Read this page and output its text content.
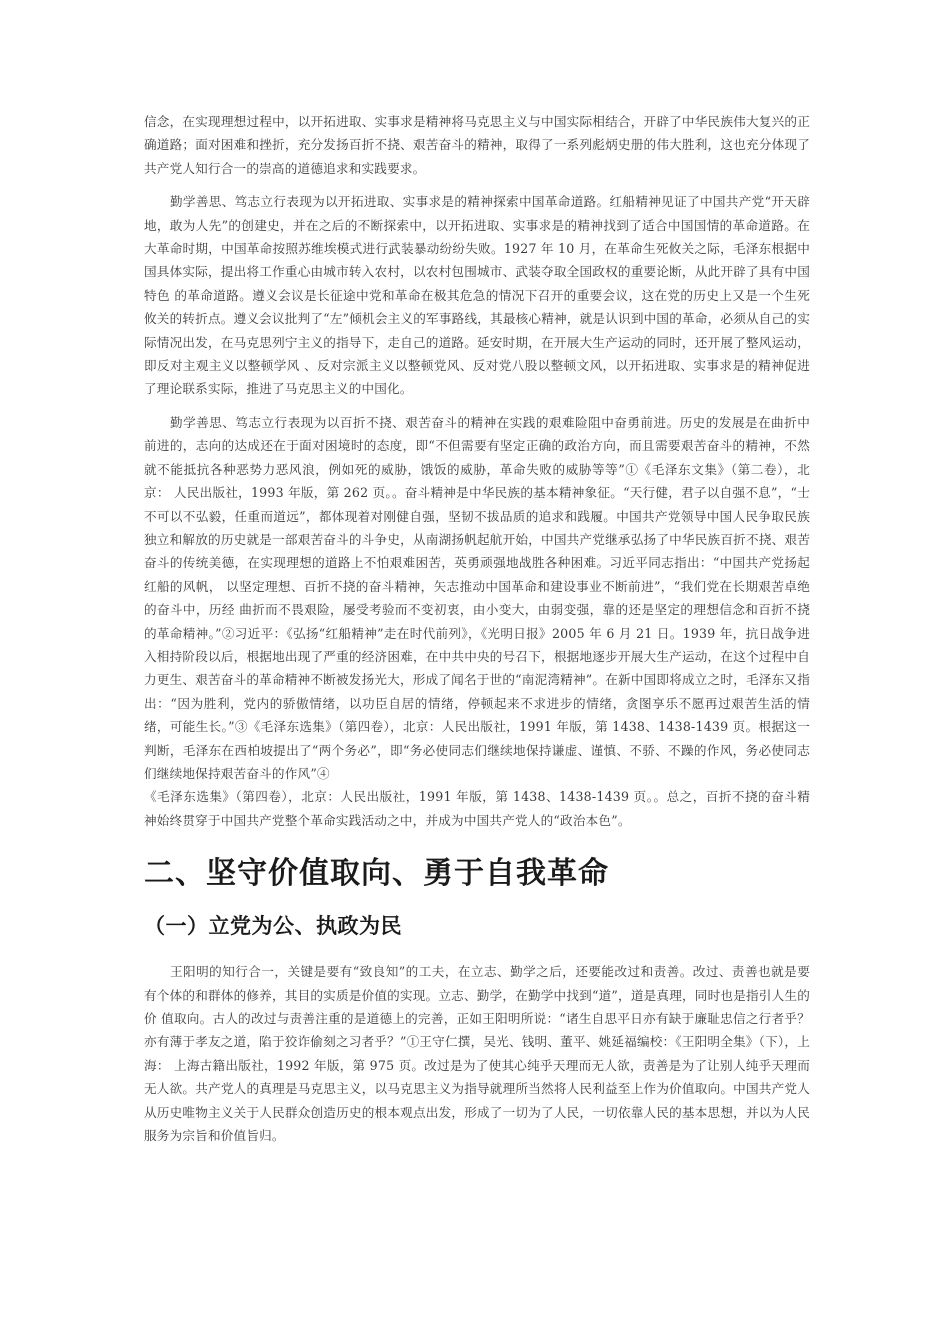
信念，在实现理想过程中，以开拓进取、实事求是精神将马克思主义与中国实际相结合，开辟了中华民族伟大复兴的正确道路；面对困难和挫折，充分发扬百折不挠、艰苦奋斗的精神，取得了一系列彪炳史册的伟大胜利，这也充分体现了共产党人知行合一的崇高的道德追求和实践要求。

勤学善思、笃志立行表现为以开拓进取、实事求是的精神探索中国革命道路。红船精神见证了中国共产党“开天辟地，敢为人先”的创建史，并在之后的不断探索中，以开拓进取、实事求是的精神找到了适合中国国情的革命道路。在大革命时期，中国革命按照苏维埃模式进行武装暴动纷纷失败。1927 年 10 月，在革命生死攸关之际，毛泽东根据中国具体实际，提出将工作重心由城市转入农村，以农村包围城市、武装夺取全国政权的重要论断，从此开辟了具有中国特色 的革命道路。遵义会议是长征途中党和革命在极其危急的情况下召开的重要会议，这在党的历史上又是一个生死攸关的转折点。遵义会议批判了“左”倾机会主义的军事路线，其最核心精神，就是认识到中国的革命，必须从自己的实际情况出发，在马克思列宁主义的指导下，走自己的道路。延安时期，在开展大生产运动的同时，还开展了整风运动，即反对主观主义以整顿学风 、反对宗派主义以整顿党风、反对党八股以整顿文风，以开拓进取、实事求是的精神促进了理论联系实际，推进了马克思主义的中国化。

勤学善思、笃志立行表现为以百折不挠、艰苦奋斗的精神在实践的艰难险阻中奋勇前进。历史的发展是在曲折中 前进的，志向的达成还在于面对困境时的态度，即“不但需要有坚定正确的政治方向，而且需要艰苦奋斗的精神，不然就不能抵抗各种恶势力恶风浪，例如死的威胁，饿饭的威胁，革命失败的威胁等等”①《毛泽东文集》（第二卷），北京： 人民出版社，1993 年版，第 262 页。。奋斗精神是中华民族的基本精神象征。“天行健，君子以自强不息”，“士不可以不弘毅，任重而道远”，都体现着对刚健自强，坚韧不拔品质的追求和践履。中国共产党领导中国人民争取民族独立和解放的历史就是一部艰苦奋斗的斗争史，从南湖扬帆起航开始，中国共产党继承弘扬了中华民族百折不挠、艰苦奋斗的传统美德，在实现理想的道路上不怕艰难困苦，英勇顽强地战胜各种困难。习近平同志指出：“中国共产党扬起红船的风帆， 以坚定理想、百折不挠的奋斗精神，矢志推动中国革命和建设事业不断前进”，“我们党在长期艰苦卓绝的奋斗中，历经 曲折而不畏艰险，屡受考验而不变初衷，由小变大，由弱变强，靠的还是坚定的理想信念和百折不挠的革命精神。”②习近平：《弘扬“红船精神”走在时代前列》，《光明日报》2005 年 6 月 21 日。1939 年，抗日战争进入相持阶段以后，根据地出现了严重的经济困难，在中共中央的号召下，根据地逐步开展大生产运动，在这个过程中自力更生、艰苦奋斗的革命精神不断被发扬光大，形成了闻名于世的“南泥湾精神”。在新中国即将成立之时，毛泽东又指出：“因为胜利，党内的骄傲情绪，以功臣自居的情绪，停顿起来不求进步的情绪，贪图享乐不愿再过艰苦生活的情绪，可能生长。”③《毛泽东选集》（第四卷），北京：人民出版社，1991 年版，第 1438、1438-1439 页。根据这一判断，毛泽东在西柏坡提出了“两个务必”，即“务必使同志们继续地保持谦虚、谨慎、不骄、不躁的作风，务必使同志们继续地保持艰苦奋斗的作风”④

《毛泽东选集》（第四卷），北京：人民出版社，1991 年版，第 1438、1438-1439 页。。总之，百折不挠的奋斗精神始终贯穿于中国共产党整个革命实践活动之中，并成为中国共产党人的“政治本色”。

二、坚守价值取向、勇于自我革命
（一）立党为公、执政为民

王阳明的知行合一，关键是要有“致良知”的工夫，在立志、勤学之后，还要能改过和责善。改过、责善也就是要有个体的和群体的修养，其目的实质是价值的实现。立志、勤学，在勤学中找到“道”，道是真理，同时也是指引人生的价 值取向。古人的改过与责善注重的是道德上的完善，正如王阳明所说：“诸生自思平日亦有缺于廉耻忠信之行者乎？亦有薄于孝友之道，陷于狡诈偷刻之习者乎？”①王守仁撰，吴光、钱明、董平、姚延福编校：《王阳明全集》（下），上海： 上海古籍出版社，1992 年版，第 975 页。改过是为了使其心纯乎天理而无人欲，责善是为了让别人纯乎天理而无人欲。共产党人的真理是马克思主义，以马克思主义为指导就理所当然将人民利益至上作为价值取向。中国共产党人从历史唯物主义关于人民群众创造历史的根本观点出发，形成了一切为了人民，一切依靠人民的基本思想，并以为人民服务为宗旨和价值旨归。
